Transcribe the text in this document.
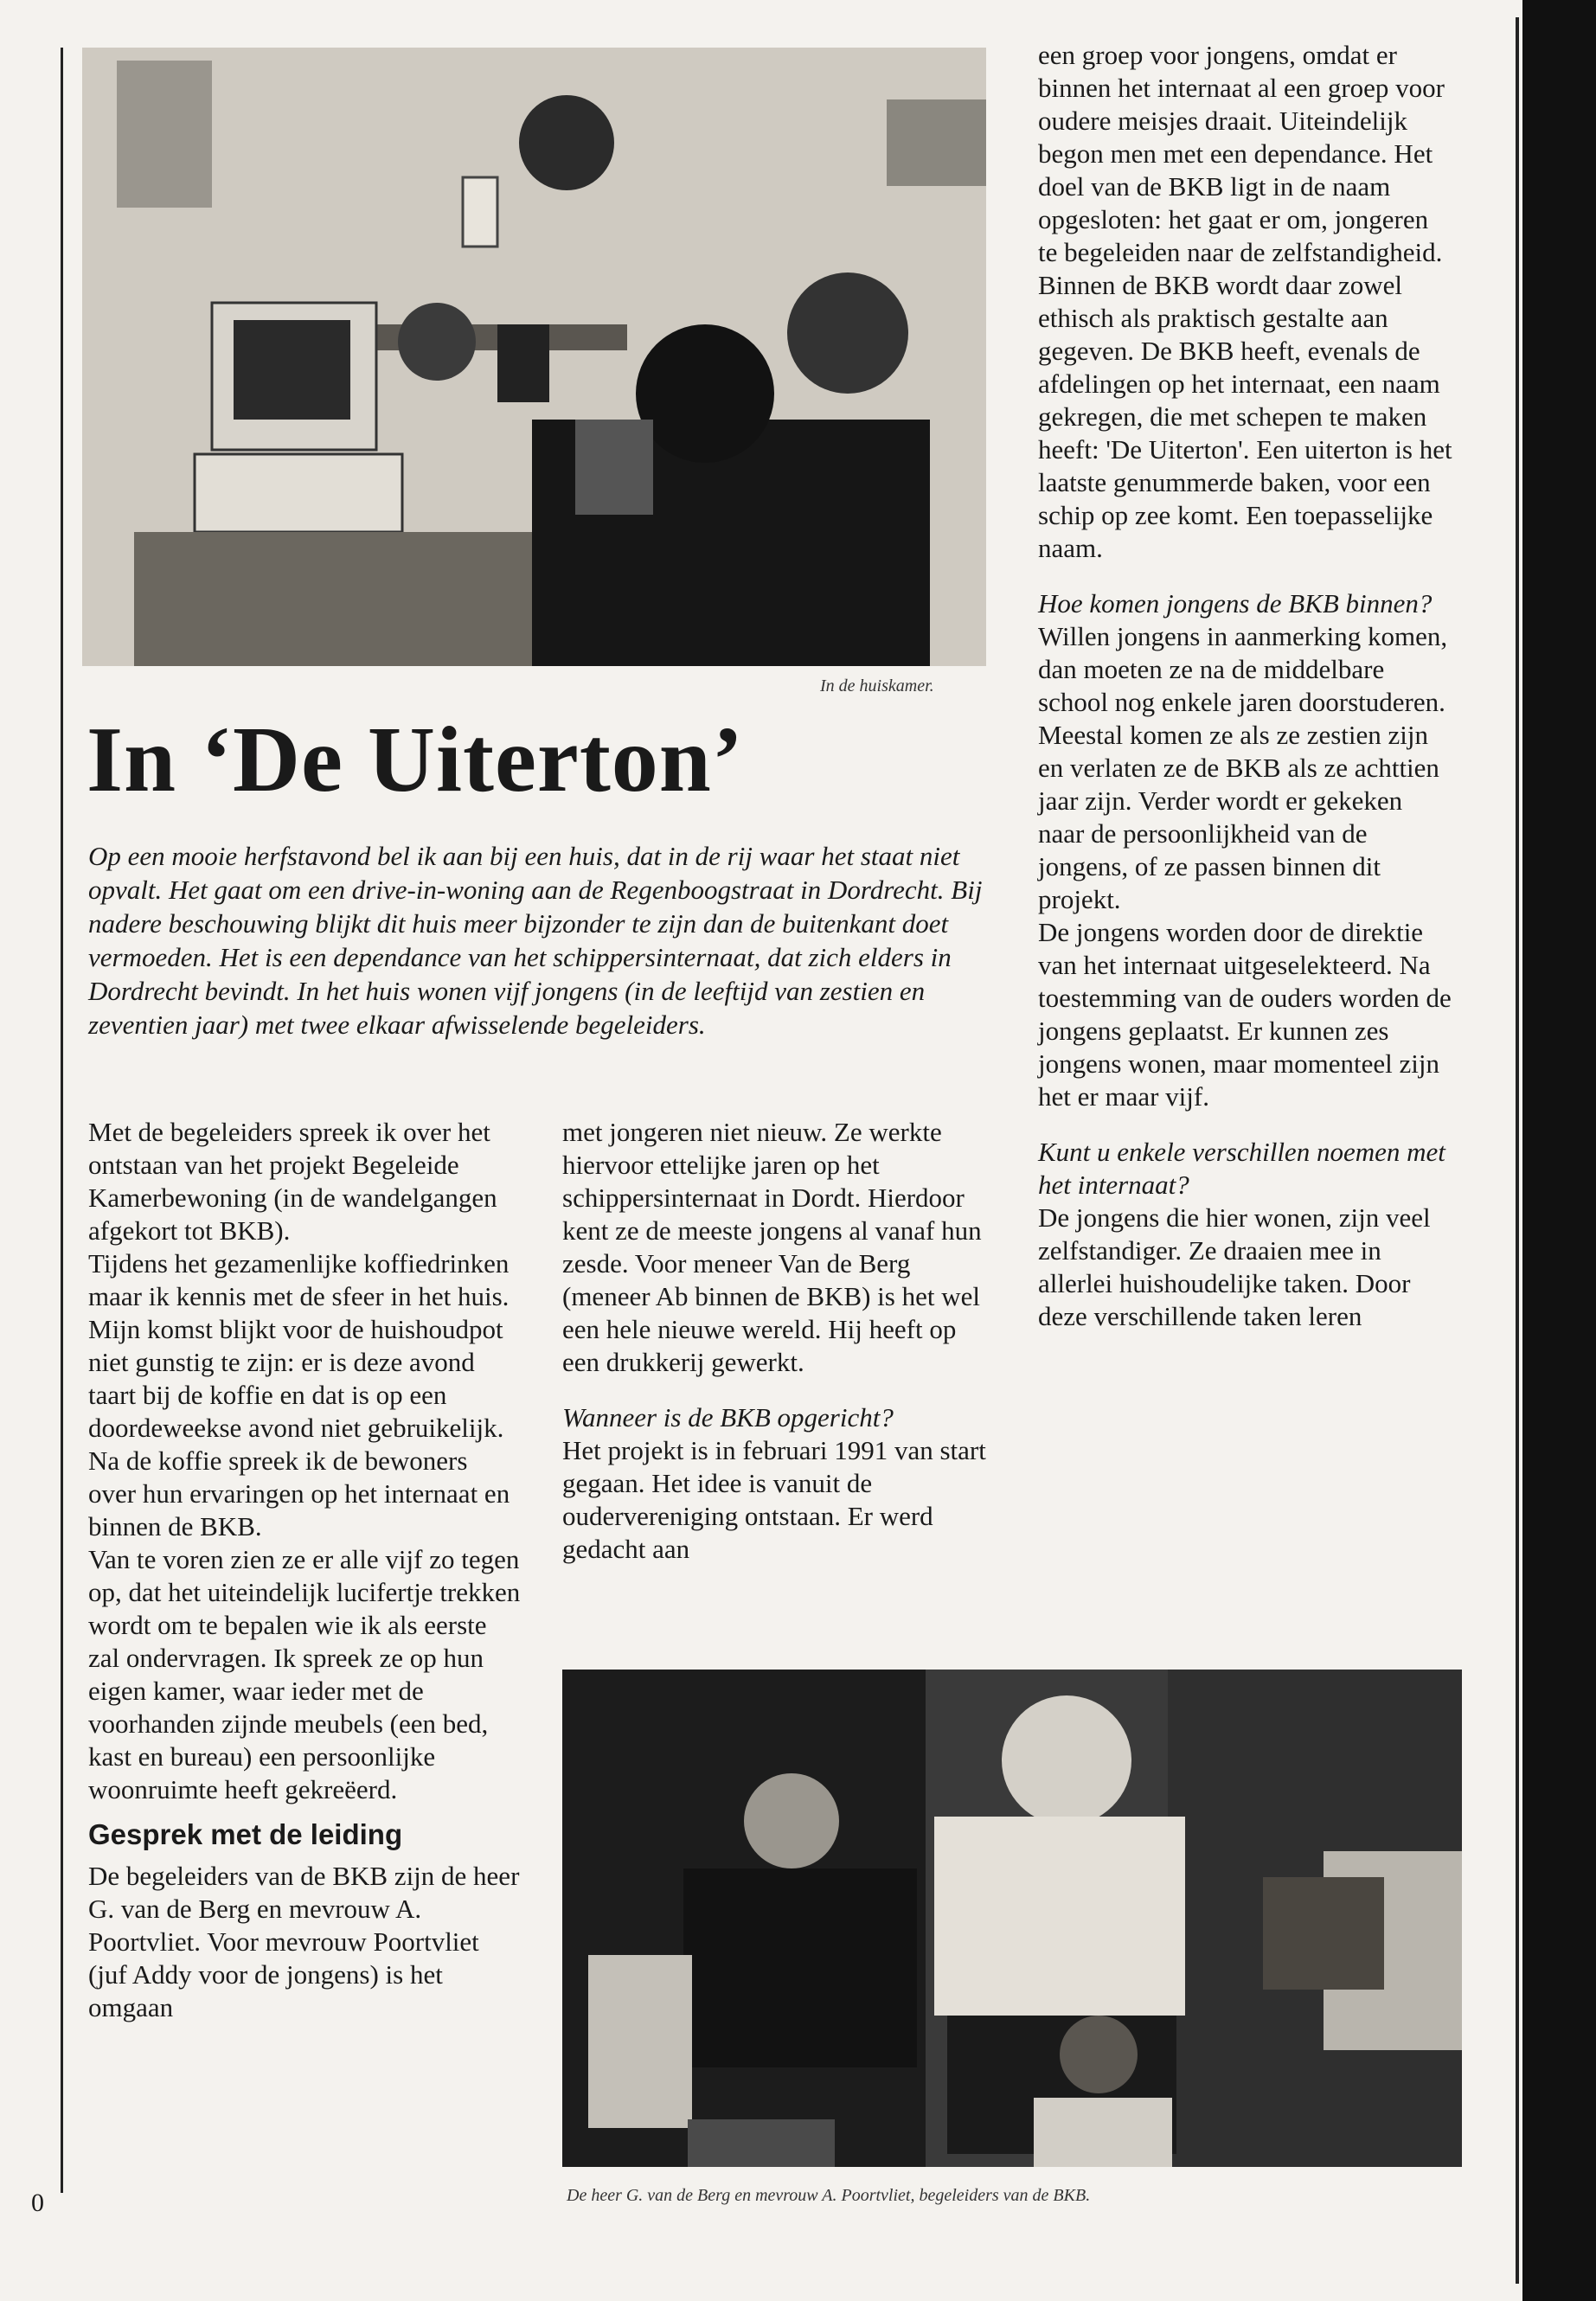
In de huiskamer.
In ‘De Uiterton’
Op een mooie herfstavond bel ik aan bij een huis, dat in de rij waar het staat niet opvalt. Het gaat om een drive-in-woning aan de Regenboogstraat in Dordrecht. Bij nadere beschouwing blijkt dit huis meer bijzonder te zijn dan de buitenkant doet vermoeden. Het is een dependance van het schippersinternaat, dat zich elders in Dordrecht bevindt. In het huis wonen vijf jongens (in de leeftijd van zestien en zeventien jaar) met twee elkaar afwisselende begeleiders.

Met de begeleiders spreek ik over het ontstaan van het projekt Begeleide Kamerbewoning (in de wandelgangen afgekort tot BKB).

Tijdens het gezamenlijke koffiedrinken maar ik kennis met de sfeer in het huis. Mijn komst blijkt voor de huishoudpot niet gunstig te zijn: er is deze avond taart bij de koffie en dat is op een doordeweekse avond niet gebruikelijk. Na de koffie spreek ik de bewoners over hun ervaringen op het internaat en binnen de BKB.

Van te voren zien ze er alle vijf zo tegen op, dat het uiteindelijk lucifertje trekken wordt om te bepalen wie ik als eerste zal ondervragen. Ik spreek ze op hun eigen kamer, waar ieder met de voorhanden zijnde meubels (een bed, kast en bureau) een persoonlijke woonruimte heeft gekreëerd.

Gesprek met de leiding

De begeleiders van de BKB zijn de heer G. van de Berg en mevrouw A. Poortvliet. Voor mevrouw Poortvliet (juf Addy voor de jongens) is het omgaan

met jongeren niet nieuw. Ze werkte hiervoor ettelijke jaren op het schippersinternaat in Dordt. Hierdoor kent ze de meeste jongens al vanaf hun zesde. Voor meneer Van de Berg (meneer Ab binnen de BKB) is het wel een hele nieuwe wereld. Hij heeft op een drukkerij gewerkt.

Wanneer is de BKB opgericht?

Het projekt is in februari 1991 van start gegaan. Het idee is vanuit de oudervereniging ontstaan. Er werd gedacht aan

een groep voor jongens, omdat er binnen het internaat al een groep voor oudere meisjes draait. Uiteindelijk begon men met een dependance. Het doel van de BKB ligt in de naam opgesloten: het gaat er om, jongeren te begeleiden naar de zelfstandigheid. Binnen de BKB wordt daar zowel ethisch als praktisch gestalte aan gegeven. De BKB heeft, evenals de afdelingen op het internaat, een naam gekregen, die met schepen te maken heeft: 'De Uiterton'. Een uiterton is het laatste genummerde baken, voor een schip op zee komt. Een toepasselijke naam.

Hoe komen jongens de BKB binnen?

Willen jongens in aanmerking komen, dan moeten ze na de middelbare school nog enkele jaren doorstuderen. Meestal komen ze als ze zestien zijn en verlaten ze de BKB als ze achttien jaar zijn. Verder wordt er gekeken naar de persoonlijkheid van de jongens, of ze passen binnen dit projekt.

De jongens worden door de direktie van het internaat uitgeselekteerd. Na toestemming van de ouders worden de jongens geplaatst. Er kunnen zes jongens wonen, maar momenteel zijn het er maar vijf.

Kunt u enkele verschillen noemen met het internaat?

De jongens die hier wonen, zijn veel zelfstandiger. Ze draaien mee in allerlei huishoudelijke taken. Door deze verschillende taken leren

De heer G. van de Berg en mevrouw A. Poortvliet, begeleiders van de BKB.
0
